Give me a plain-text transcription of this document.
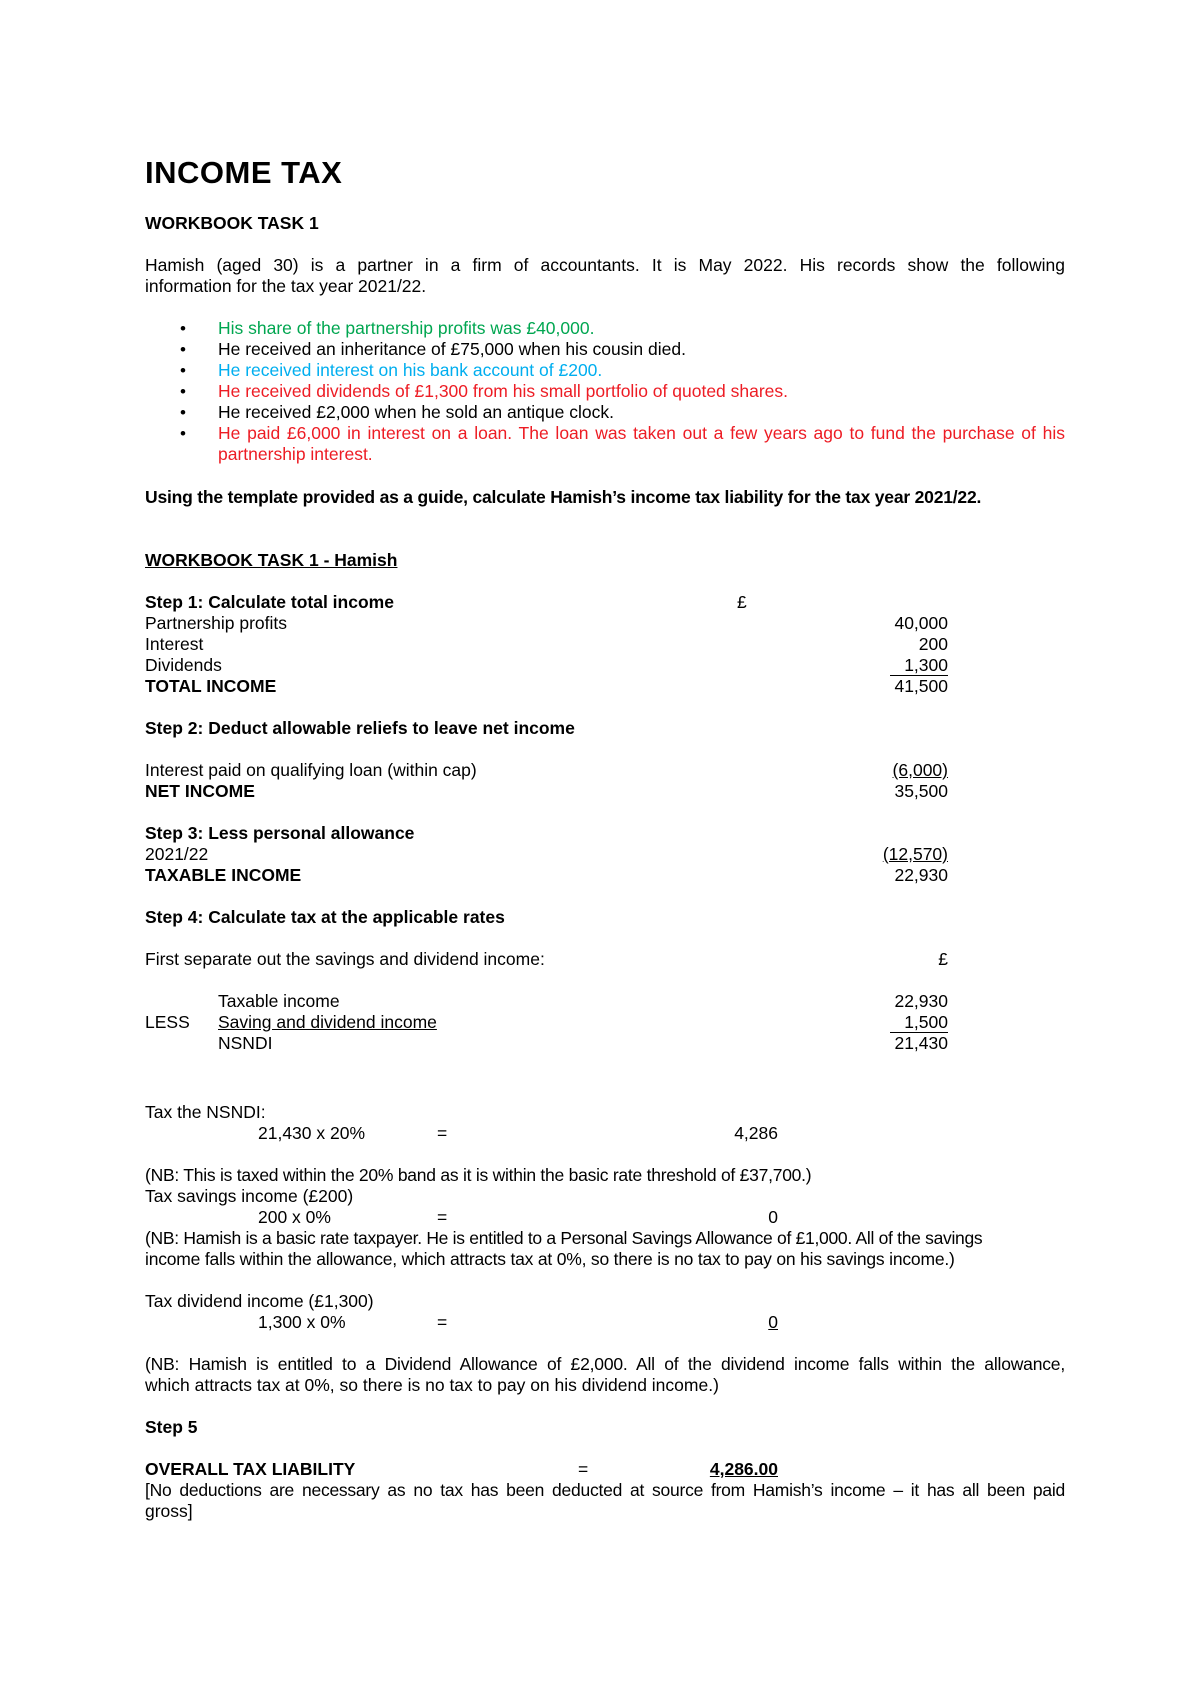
INCOME TAX
WORKBOOK TASK 1
Hamish (aged 30) is a partner in a firm of accountants. It is May 2022. His records show the following
information for the tax year 2021/22.
• His share of the partnership profits was £40,000.
• He received an inheritance of £75,000 when his cousin died.
• He received interest on his bank account of £200.
• He received dividends of £1,300 from his small portfolio of quoted shares.
• He received £2,000 when he sold an antique clock.
• He paid £6,000 in interest on a loan. The loan was taken out a few years ago to fund the purchase of his
partnership interest.
Using the template provided as a guide, calculate Hamish’s income tax liability for the tax year 2021/22.
WORKBOOK TASK 1 - Hamish
Step 1: Calculate total income	£
Partnership profits	40,000
Interest	200
Dividends	1,300
TOTAL INCOME	41,500
Step 2: Deduct allowable reliefs to leave net income
Interest paid on qualifying loan (within cap)	(6,000)
NET INCOME	35,500
Step 3: Less personal allowance
2021/22	(12,570)
TAXABLE INCOME	22,930
Step 4: Calculate tax at the applicable rates
First separate out the savings and dividend income:	£
Taxable income	22,930
LESS Saving and dividend income	1,500
NSNDI	21,430
Tax the NSNDI:
21,430 x 20%	=	4,286
(NB: This is taxed within the 20% band as it is within the basic rate threshold of £37,700.)
Tax savings income (£200)
200 x 0%	=	0
(NB: Hamish is a basic rate taxpayer. He is entitled to a Personal Savings Allowance of £1,000. All of the savings
income falls within the allowance, which attracts tax at 0%, so there is no tax to pay on his savings income.)
Tax dividend income (£1,300)
1,300 x 0%	=	0
(NB: Hamish is entitled to a Dividend Allowance of £2,000. All of the dividend income falls within the allowance,
which attracts tax at 0%, so there is no tax to pay on his dividend income.)
Step 5
OVERALL TAX LIABILITY	=	4,286.00
[No deductions are necessary as no tax has been deducted at source from Hamish’s income – it has all been paid
gross]
